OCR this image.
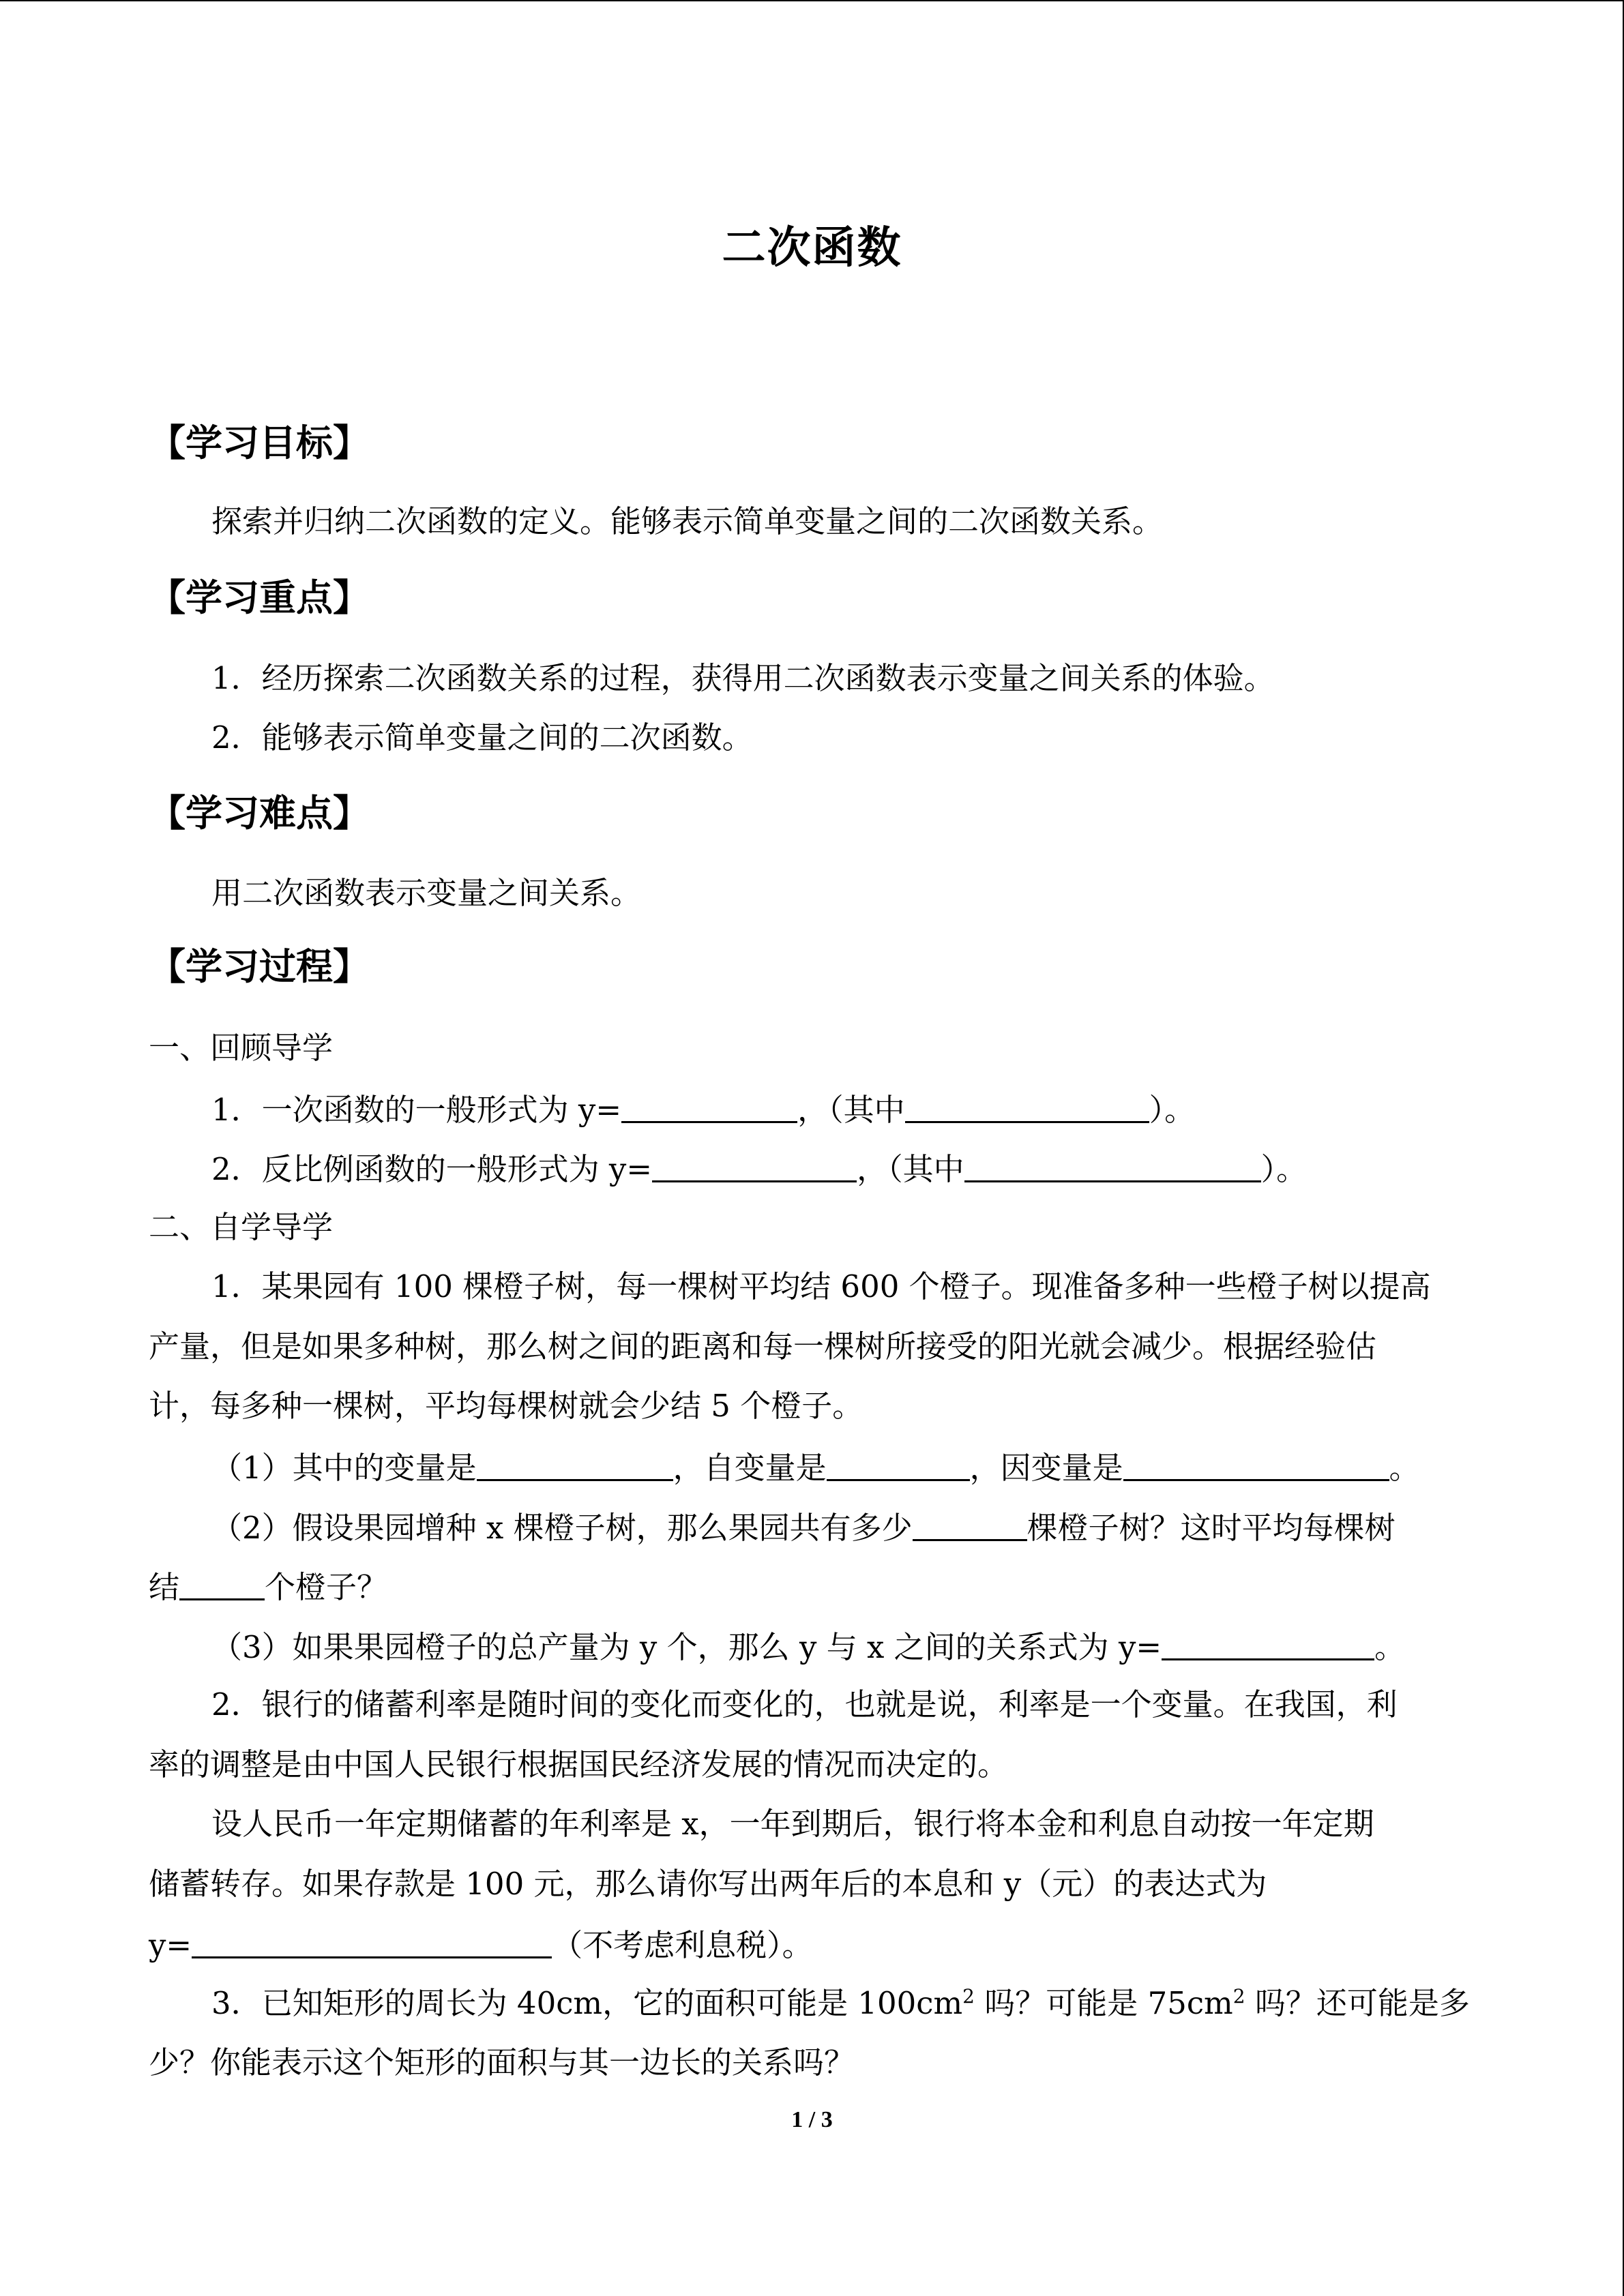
二次函数
【学习目标】
探索并归纳二次函数的定义。能够表示简单变量之间的二次函数关系。
【学习重点】
1．经历探索二次函数关系的过程，获得用二次函数表示变量之间关系的体验。
2．能够表示简单变量之间的二次函数。
【学习难点】
用二次函数表示变量之间关系。
【学习过程】
一、回顾导学
1．一次函数的一般形式为 y=	，（其中	）。
2．反比例函数的一般形式为 y=	，（其中	）。
二、自学导学
1．某果园有 100 棵橙子树，每一棵树平均结 600 个橙子。现准备多种一些橙子树以提高
产量，但是如果多种树，那么树之间的距离和每一棵树所接受的阳光就会减少。根据经验估
计，每多种一棵树，平均每棵树就会少结 5 个橙子。
（1）其中的变量是	，自变量是	，因变量是	。
（2）假设果园增种 x 棵橙子树，那么果园共有多少	棵橙子树？这时平均每棵树
结	个橙子？
（3）如果果园橙子的总产量为 y 个，那么 y 与 x 之间的关系式为 y=	。
2．银行的储蓄利率是随时间的变化而变化的，也就是说，利率是一个变量。在我国，利
率的调整是由中国人民银行根据国民经济发展的情况而决定的。
设人民币一年定期储蓄的年利率是 x，一年到期后，银行将本金和利息自动按一年定期
储蓄转存。如果存款是 100 元，那么请你写出两年后的本息和 y（元）的表达式为
y=	（不考虑利息税）。
3．已知矩形的周长为 40cm，它的面积可能是 $100cm^2$ 吗？可能是 $75cm^2$ 吗？还可能是多
少？你能表示这个矩形的面积与其一边长的关系吗？
1 / 3
